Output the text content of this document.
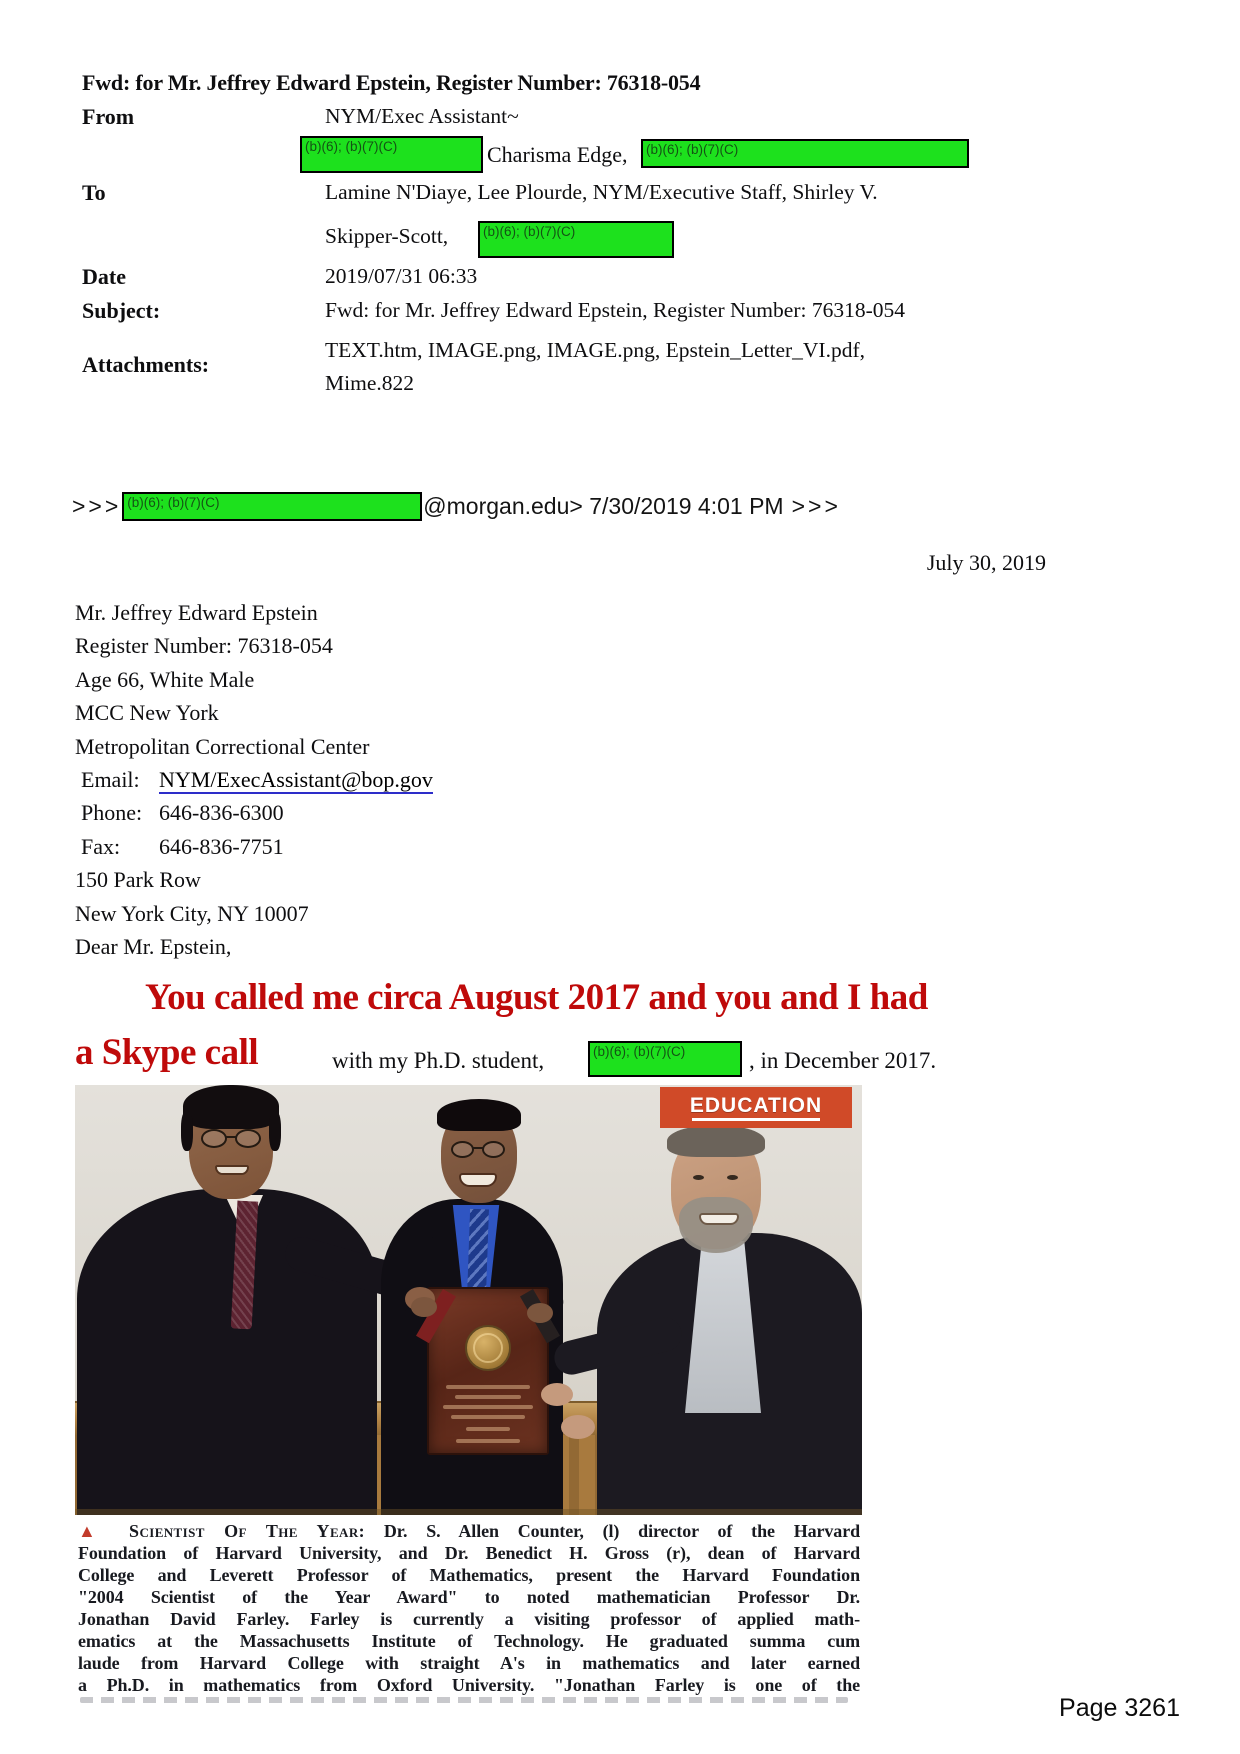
Fwd: for Mr. Jeffrey Edward Epstein, Register Number: 76318-054
From	NYM/Exec Assistant~
(b)(6); (b)(7)(C)	Charisma Edge, (b)(6); (b)(7)(C)
To	Lamine N'Diaye, Lee Plourde, NYM/Executive Staff, Shirley V.
Skipper-Scott,	(b)(6); (b)(7)(C)
Date	2019/07/31 06:33
Subject:	Fwd: for Mr. Jeffrey Edward Epstein, Register Number: 76318-054
Attachments:
TEXT.htm, IMAGE.png, IMAGE.png, Epstein_Letter_VI.pdf,
Mime.822
>>> (b)(6); (b)(7)(C)	@morgan.edu> 7/30/2019 4:01 PM >>>
July 30, 2019
Mr. Jeffrey Edward Epstein
Register Number: 76318-054
Age 66, White Male
MCC New York
Metropolitan Correctional Center
Email: NYM/ExecAssistant@bop.gov
Phone: 646-836-6300
Fax: 646-836-7751
150 Park Row
New York City, NY 10007
Dear Mr. Epstein,
You called me circa August 2017 and you and I had
a Skype call	with my Ph.D. student,	(b)(6); (b)(7)(C)	, in December 2017.
EDUCATION
▲ Scientist Of The Year: Dr. S. Allen Counter, (l) director of the Harvard
Foundation of Harvard University, and Dr. Benedict H. Gross (r), dean of Harvard
College and Leverett Professor of Mathematics, present the Harvard Foundation
"2004 Scientist of the Year Award" to noted mathematician Professor Dr.
Jonathan David Farley. Farley is currently a visiting professor of applied math-
ematics at the Massachusetts Institute of Technology. He graduated summa cum
laude from Harvard College with straight A's in mathematics and later earned
a Ph.D. in mathematics from Oxford University. "Jonathan Farley is one of the
Page 3261
